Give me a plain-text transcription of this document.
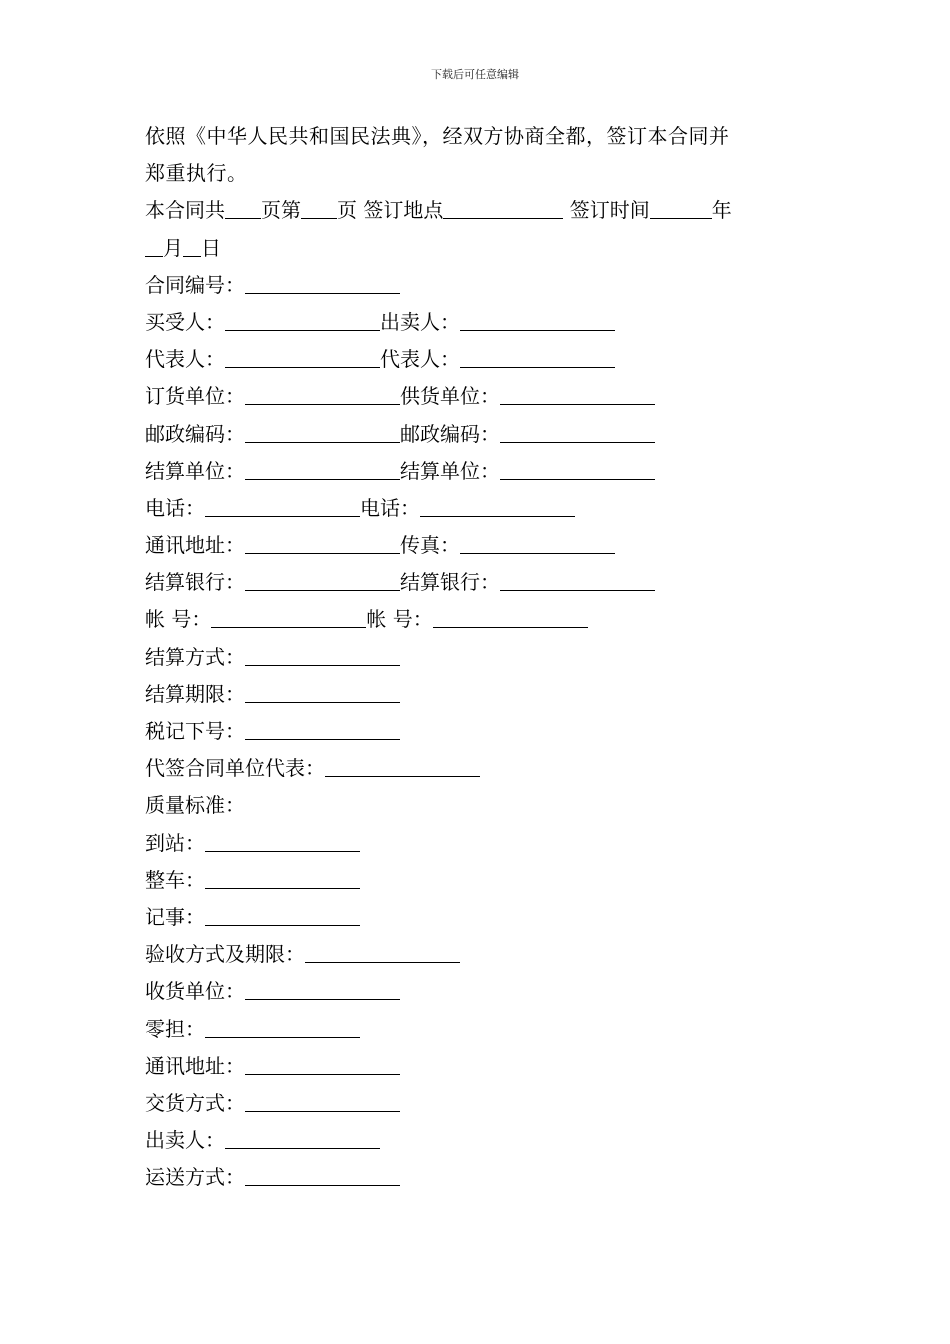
下载后可任意编辑
依照《中华人民共和国民法典》，经双方协商全都，签订本合同并
郑重执行。
本合同共 页第 页 签订地点	签订时间	年
月 日
合同编号：
买受人：	出卖人：
代表人：	代表人：
订货单位：	供货单位：
邮政编码：	邮政编码：
结算单位：	结算单位：
电话：	电话：
通讯地址：	传真：
结算银行：	结算银行：
帐 号：	帐 号：
结算方式：
结算期限：
税记下号：
代签合同单位代表：
质量标准：
到站：
整车：
记事：
验收方式及期限：
收货单位：
零担：
通讯地址：
交货方式：
出卖人：
运送方式：
